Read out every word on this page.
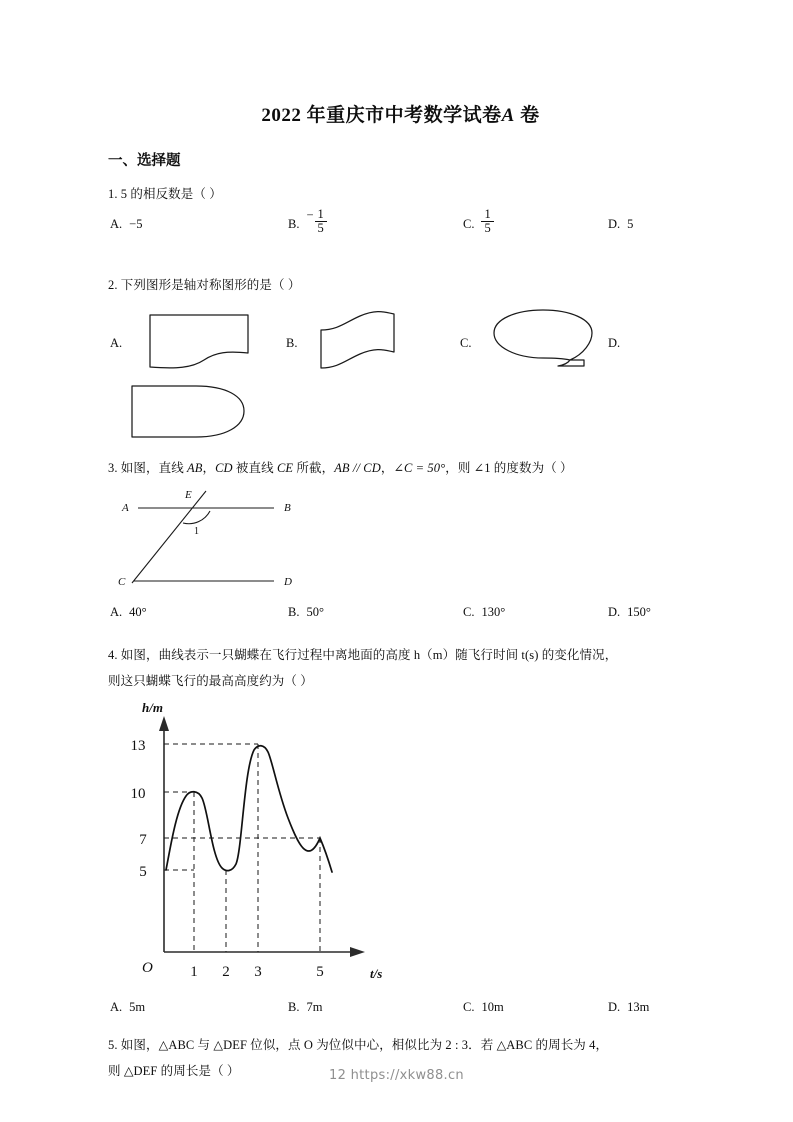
2022 年重庆市中考数学试卷A 卷
一、选择题
1. 5 的相反数是（ ）
A. −5	B.
− $\frac{1}{5}$	C. $\frac{1}{5}$	D. 5
2. 下列图形是轴对称图形的是（ ）
A.	B.	C.	D.
3. 如图，直线 AB，CD 被直线 CE 所截，AB // CD，∠C = 50°，则 ∠1 的度数为（ ）
A	B
C	D
E
1
A. 40°	B. 50°	C. 130°	D. 150°
4. 如图，曲线表示一只蝴蝶在飞行过程中离地面的高度 h（m）随飞行时间 t(s) 的变化情况，
则这只蝴蝶飞行的最高高度约为（ ）
13
10
7
5
1 2 3	5
h/m
t/s
O
A. 5m	B. 7m	C. 10m	D. 13m
5. 如图，△ABC 与 △DEF 位似，点 O 为位似中心，相似比为 2 : 3．若 △ABC 的周长为 4，
则 △DEF 的周长是（ ）	12 https://xkw88.cn
